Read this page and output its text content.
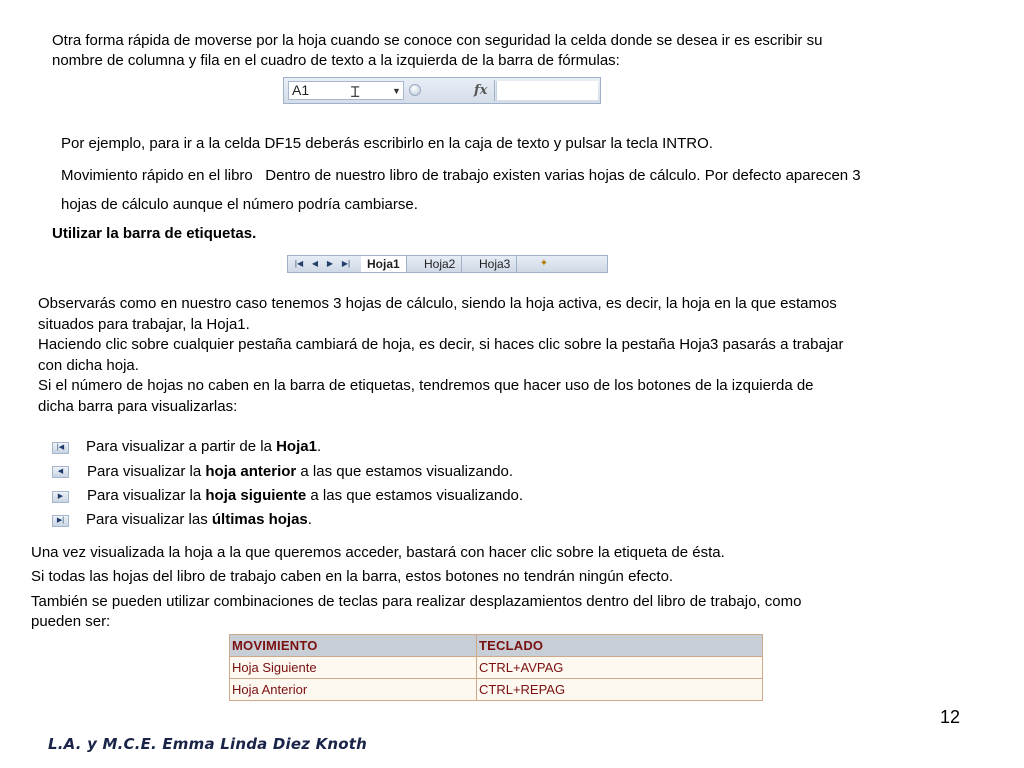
Otra forma rápida de moverse por la hoja cuando se conoce con seguridad la celda donde se desea ir es escribir su

nombre de columna y fila en el cuadro de texto a la izquierda de la barra de fórmulas:

A1	Ɪ	▼	fx

Por ejemplo, para ir a la celda DF15 deberás escribirlo en la caja de texto y pulsar la tecla INTRO.

Movimiento rápido en el libro Dentro de nuestro libro de trabajo existen varias hojas de cálculo. Por defecto aparecen 3

hojas de cálculo aunque el número podría cambiarse.

Utilizar la barra de etiquetas.

|◀	◀	▶	▶|	Hoja1	Hoja2	Hoja3	✦

Observarás como en nuestro caso tenemos 3 hojas de cálculo, siendo la hoja activa, es decir, la hoja en la que estamos

situados para trabajar, la Hoja1.

Haciendo clic sobre cualquier pestaña cambiará de hoja, es decir, si haces clic sobre la pestaña Hoja3 pasarás a trabajar

con dicha hoja.

Si el número de hojas no caben en la barra de etiquetas, tendremos que hacer uso de los botones de la izquierda de

dicha barra para visualizarlas:

|◀	Para visualizar a partir de la Hoja1.

◀	Para visualizar la hoja anterior a las que estamos visualizando.

▶	Para visualizar la hoja siguiente a las que estamos visualizando.

▶|	Para visualizar las últimas hojas.

Una vez visualizada la hoja a la que queremos acceder, bastará con hacer clic sobre la etiqueta de ésta.

Si todas las hojas del libro de trabajo caben en la barra, estos botones no tendrán ningún efecto.

También se pueden utilizar combinaciones de teclas para realizar desplazamientos dentro del libro de trabajo, como

pueden ser:

MOVIMIENTO	TECLADO
Hoja Siguiente	CTRL+AVPAG
Hoja Anterior	CTRL+REPAG
12
L.A. y M.C.E. Emma Linda Diez Knoth
